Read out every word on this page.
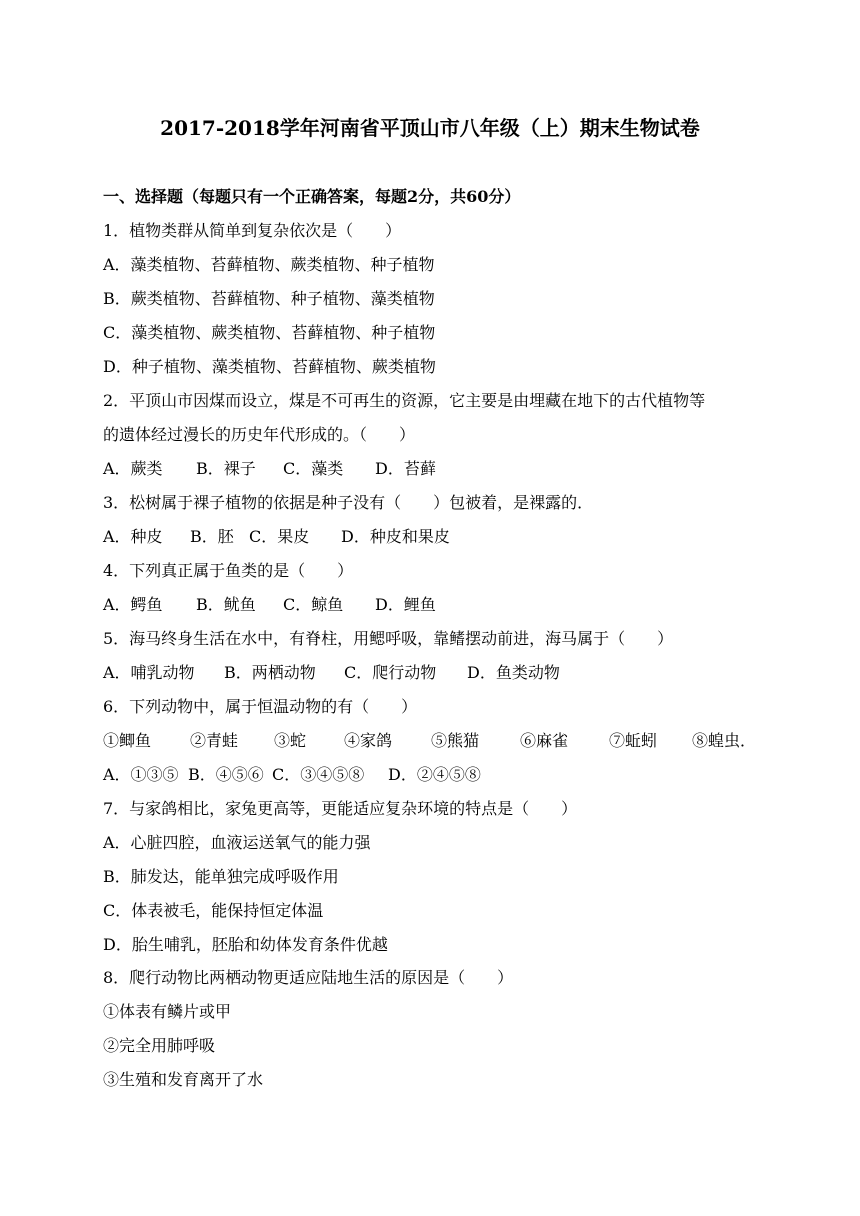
2017-2018学年河南省平顶山市八年级（上）期末生物试卷
一、选择题（每题只有一个正确答案，每题2分，共60分）
1．植物类群从简单到复杂依次是（　　）
A．藻类植物、苔藓植物、蕨类植物、种子植物
B．蕨类植物、苔藓植物、种子植物、藻类植物
C．藻类植物、蕨类植物、苔藓植物、种子植物
D．种子植物、藻类植物、苔藓植物、蕨类植物
2．平顶山市因煤而设立，煤是不可再生的资源，它主要是由埋藏在地下的古代植物等
的遗体经过漫长的历史年代形成的。（　　）
A．蕨类	B．裸子	C．藻类	D．苔藓
3．松树属于裸子植物的依据是种子没有（　　）包被着，是裸露的．
A．种皮	B．胚 C．果皮	D．种皮和果皮
4．下列真正属于鱼类的是（　　）
A．鳄鱼	B．鱿鱼	C．鲸鱼	D．鲤鱼
5．海马终身生活在水中，有脊柱，用鳃呼吸，靠鳍摆动前进，海马属于（　　）
A．哺乳动物	B．两栖动物	C．爬行动物	D．鱼类动物
6．下列动物中，属于恒温动物的有（　　）
①鲫鱼	②青蛙	③蛇	④家鸽	⑤熊猫	⑥麻雀	⑦蚯蚓	⑧蝗虫．
A．①③⑤ B．④⑤⑥ C．③④⑤⑧	D．②④⑤⑧
7．与家鸽相比，家兔更高等，更能适应复杂环境的特点是（　　）
A．心脏四腔，血液运送氧气的能力强
B．肺发达，能单独完成呼吸作用
C．体表被毛，能保持恒定体温
D．胎生哺乳，胚胎和幼体发育条件优越
8．爬行动物比两栖动物更适应陆地生活的原因是（　　）
①体表有鳞片或甲
②完全用肺呼吸
③生殖和发育离开了水
